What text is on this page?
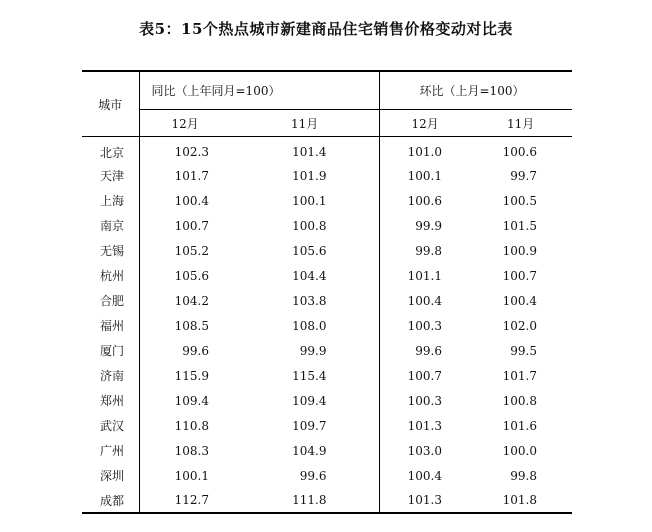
表5：15个热点城市新建商品住宅销售价格变动对比表
城市	同比（上年同月=100）		环比（上月=100）	
	12月	11月	12月	11月
北京	102.3	101.4	101.0	100.6
天津	101.7	101.9	100.1	99.7
上海	100.4	100.1	100.6	100.5
南京	100.7	100.8	99.9	101.5
无锡	105.2	105.6	99.8	100.9
杭州	105.6	104.4	101.1	100.7
合肥	104.2	103.8	100.4	100.4
福州	108.5	108.0	100.3	102.0
厦门	99.6	99.9	99.6	99.5
济南	115.9	115.4	100.7	101.7
郑州	109.4	109.4	100.3	100.8
武汉	110.8	109.7	101.3	101.6
广州	108.3	104.9	103.0	100.0
深圳	100.1	99.6	100.4	99.8
成都	112.7	111.8	101.3	101.8
